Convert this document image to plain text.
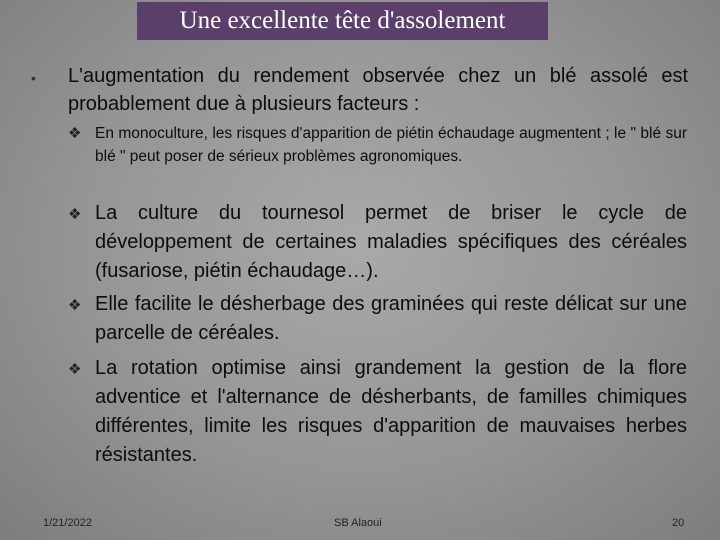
Une excellente tête d'assolement
• L'augmentation du rendement observée chez un blé assolé est probablement due à plusieurs facteurs :
❖ En monoculture, les risques d'apparition de piétin échaudage augmentent ; le " blé sur blé " peut poser de sérieux problèmes agronomiques.
❖ La culture du tournesol permet de briser le cycle de développement de certaines maladies spécifiques des céréales (fusariose, piétin échaudage…).
❖ Elle facilite le désherbage des graminées qui reste délicat sur une parcelle de céréales.
❖ La rotation optimise ainsi grandement la gestion de la flore adventice et l'alternance de désherbants, de familles chimiques différentes, limite les risques d'apparition de mauvaises herbes résistantes.
1/21/2022	SB Alaoui	20
